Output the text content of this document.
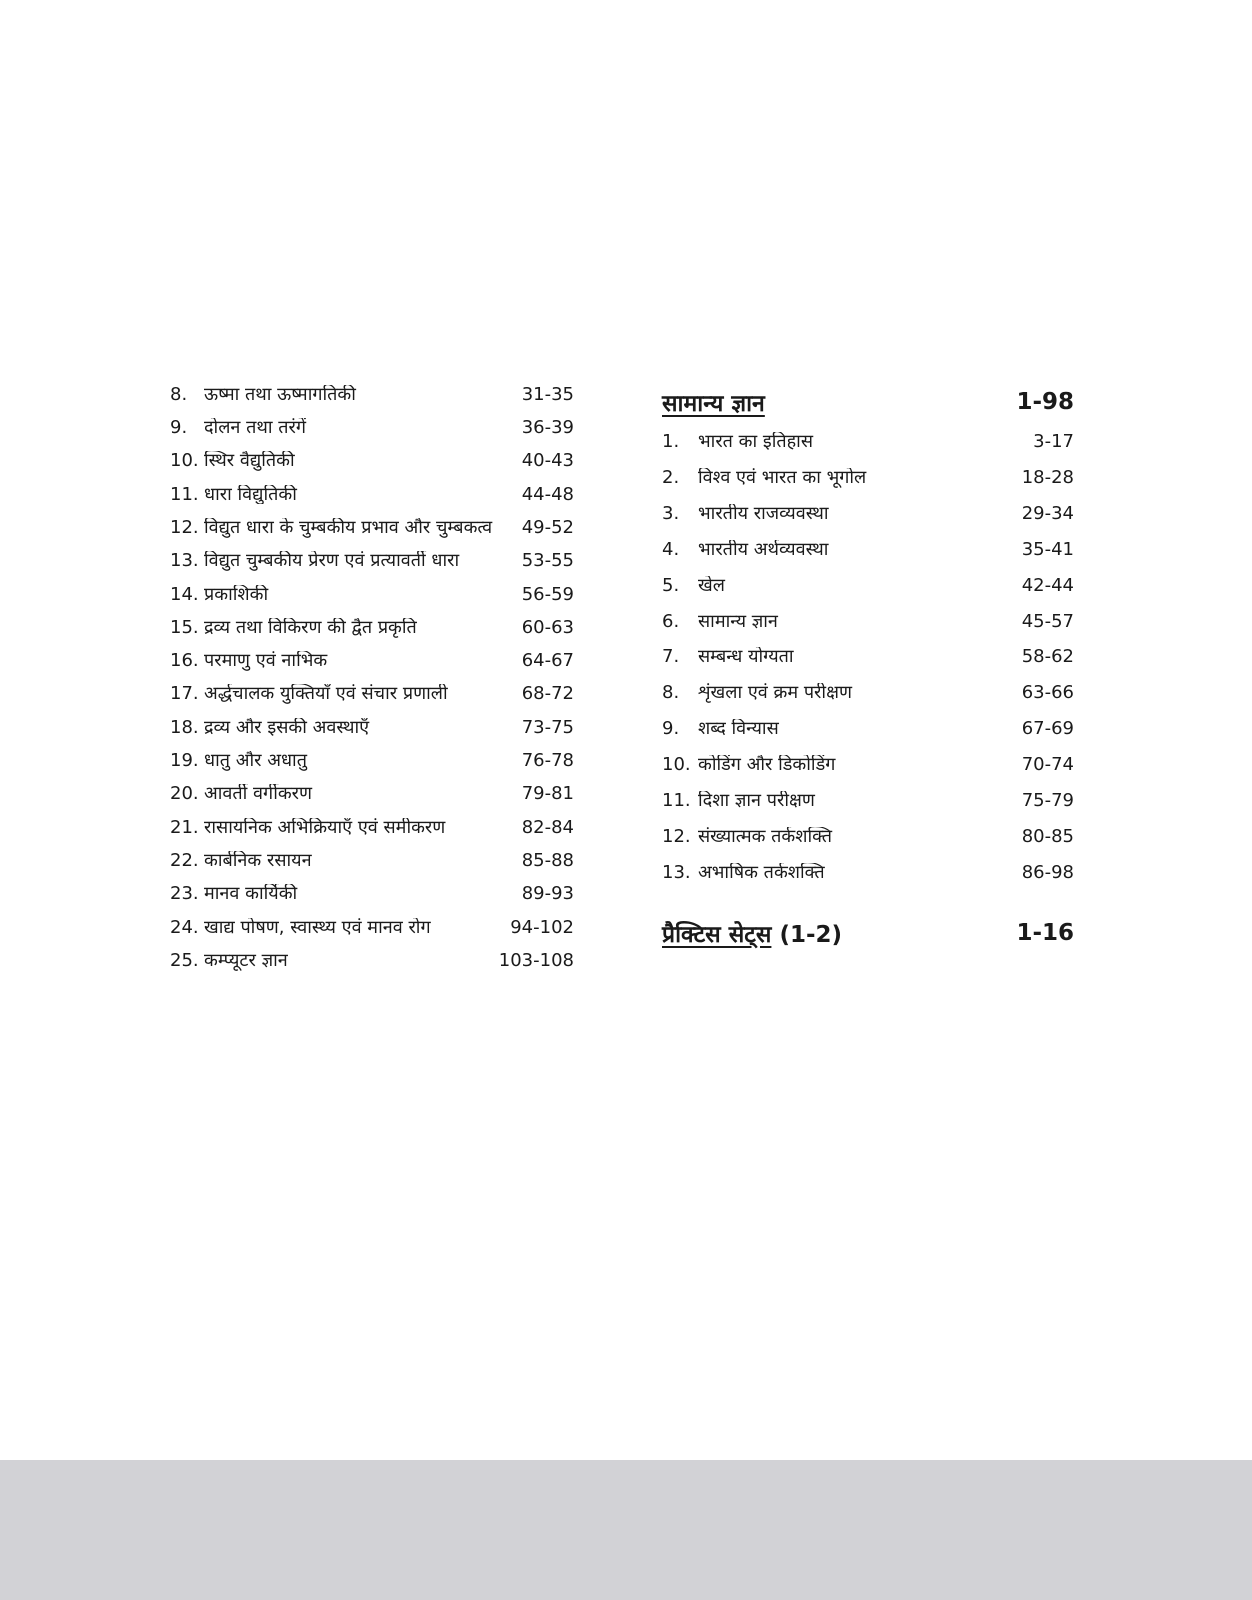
8. ऊष्मा तथा ऊष्मागतिकी	31-35
9. दोलन तथा तरंगें	36-39
10. स्थिर वैद्युतिकी	40-43
11. धारा विद्युतिकी	44-48
12. विद्युत धारा के चुम्बकीय प्रभाव और चुम्बकत्व	49-52
13. विद्युत चुम्बकीय प्रेरण एवं प्रत्यावर्ती धारा	53-55
14. प्रकाशिकी	56-59
15. द्रव्य तथा विकिरण की द्वैत प्रकृति	60-63
16. परमाणु एवं नाभिक	64-67
17. अर्द्धचालक युक्तियाँ एवं संचार प्रणाली	68-72
18. द्रव्य और इसकी अवस्थाएँ	73-75
19. धातु और अधातु	76-78
20. आवर्ती वर्गीकरण	79-81
21. रासायनिक अभिक्रियाएँ एवं समीकरण	82-84
22. कार्बनिक रसायन	85-88
23. मानव कार्यिकी	89-93
24. खाद्य पोषण, स्वास्थ्य एवं मानव रोग	94-102
25. कम्प्यूटर ज्ञान	103-108
सामान्य ज्ञान	1-98
1.	भारत का इतिहास	3-17
2.	विश्व एवं भारत का भूगोल	18-28
3.	भारतीय राजव्यवस्था	29-34
4.	भारतीय अर्थव्यवस्था	35-41
5.	खेल	42-44
6.	सामान्य ज्ञान	45-57
7.	सम्बन्ध योग्यता	58-62
8.	शृंखला एवं क्रम परीक्षण	63-66
9.	शब्द विन्यास	67-69
10. कोडिंग और डिकोडिंग	70-74
11. दिशा ज्ञान परीक्षण	75-79
12. संख्यात्मक तर्कशक्ति	80-85
13. अभाषिक तर्कशक्ति	86-98
प्रैक्टिस सेट्स (1-2)	1-16
